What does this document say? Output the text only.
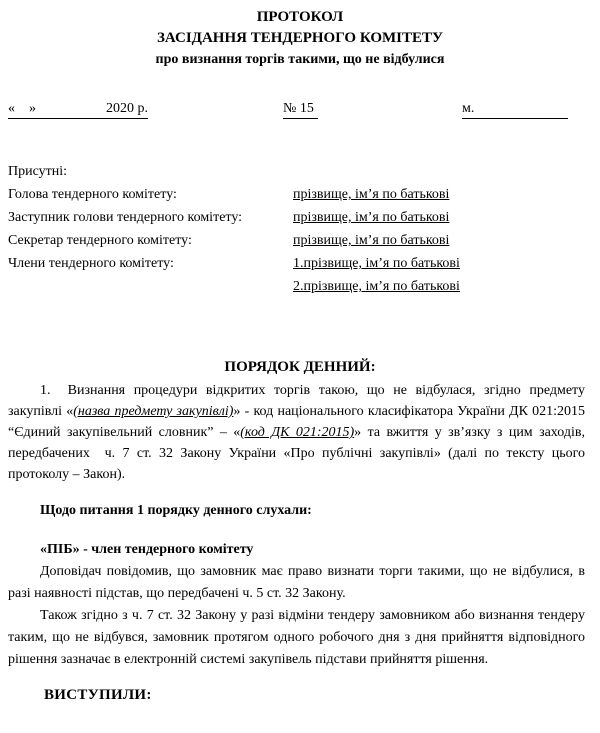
ПРОТОКОЛ
ЗАСІДАННЯ ТЕНДЕРНОГО КОМІТЕТУ
про визнання торгів такими, що не відбулися
«    »	2020 р.	№ 15	м.
Присутні:
Голова тендерного комітету:	прізвище, ім’я по батькові
Заступник голови тендерного комітету:	прізвище, ім’я по батькові
Секретар тендерного комітету:	прізвище, ім’я по батькові
Члени тендерного комітету:	1.прізвище, ім’я по батькові
2.прізвище, ім’я по батькові
ПОРЯДОК ДЕННИЙ:

1.  Визнання процедури відкритих торгів такою, що не відбулася, згідно предмету закупівлі «(назва предмету закупівлі)» - код національного класифікатора України ДК 021:2015 “Єдиний закупівельний словник” – «(код ДК 021:2015)» та вжиття у зв’язку з цим заходів, передбачених  ч. 7 ст. 32 Закону України «Про публічні закупівлі» (далі по тексту цього протоколу – Закон).

Щодо питання 1 порядку денного слухали:
«ПІБ» - член тендерного комітету

Доповідач повідомив, що замовник має право визнати торги такими, що не відбулися, в разі наявності підстав, що передбачені ч. 5 ст. 32 Закону.

Також згідно з ч. 7 ст. 32 Закону у разі відміни тендеру замовником або визнання тендеру таким, що не відбувся, замовник протягом одного робочого дня з дня прийняття відповідного рішення зазначає в електронній системі закупівель підстави прийняття рішення.

ВИСТУПИЛИ:
